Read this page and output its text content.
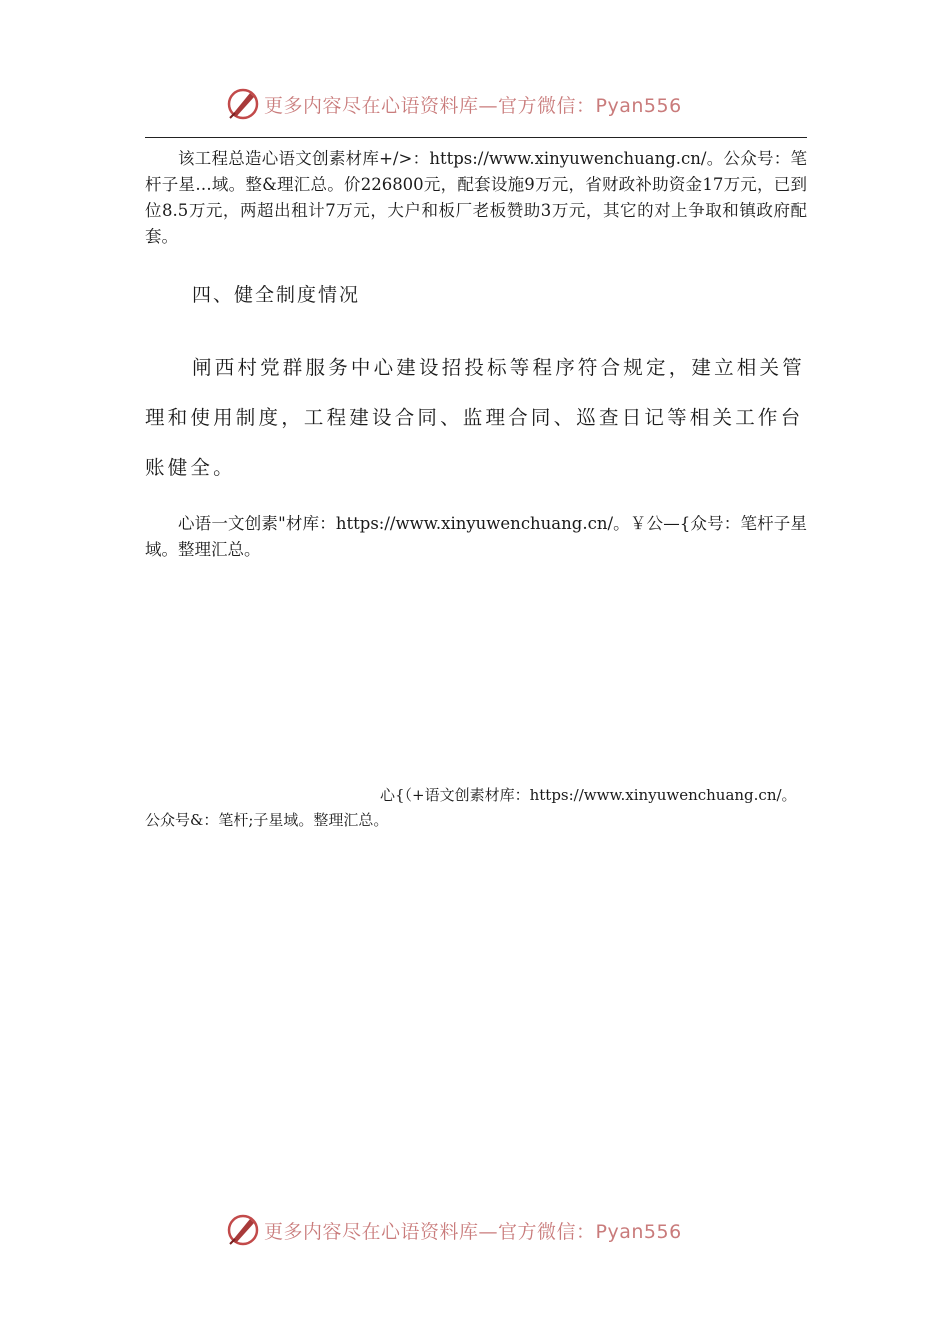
更多内容尽在心语资料库—官方微信：Pyan556

该工程总造心语文创素材库+/>：https://www.xinyuwenchuang.cn/。公众号：笔杆子星…域。整&理汇总。价226800元，配套设施9万元，省财政补助资金17万元，已到位8.5万元，两超出租计7万元，大户和板厂老板赞助3万元，其它的对上争取和镇政府配套。

四、健全制度情况

闸西村党群服务中心建设招投标等程序符合规定，建立相关管理和使用制度，工程建设合同、监理合同、巡查日记等相关工作台账健全。

心语一文创素"材库：https://www.xinyuwenchuang.cn/。￥公—{众号：笔杆子星域。整理汇总。

心{（+语文创素材库：https://www.xinyuwenchuang.cn/。公众号&：笔杆;子星域。整理汇总。

更多内容尽在心语资料库—官方微信：Pyan556
